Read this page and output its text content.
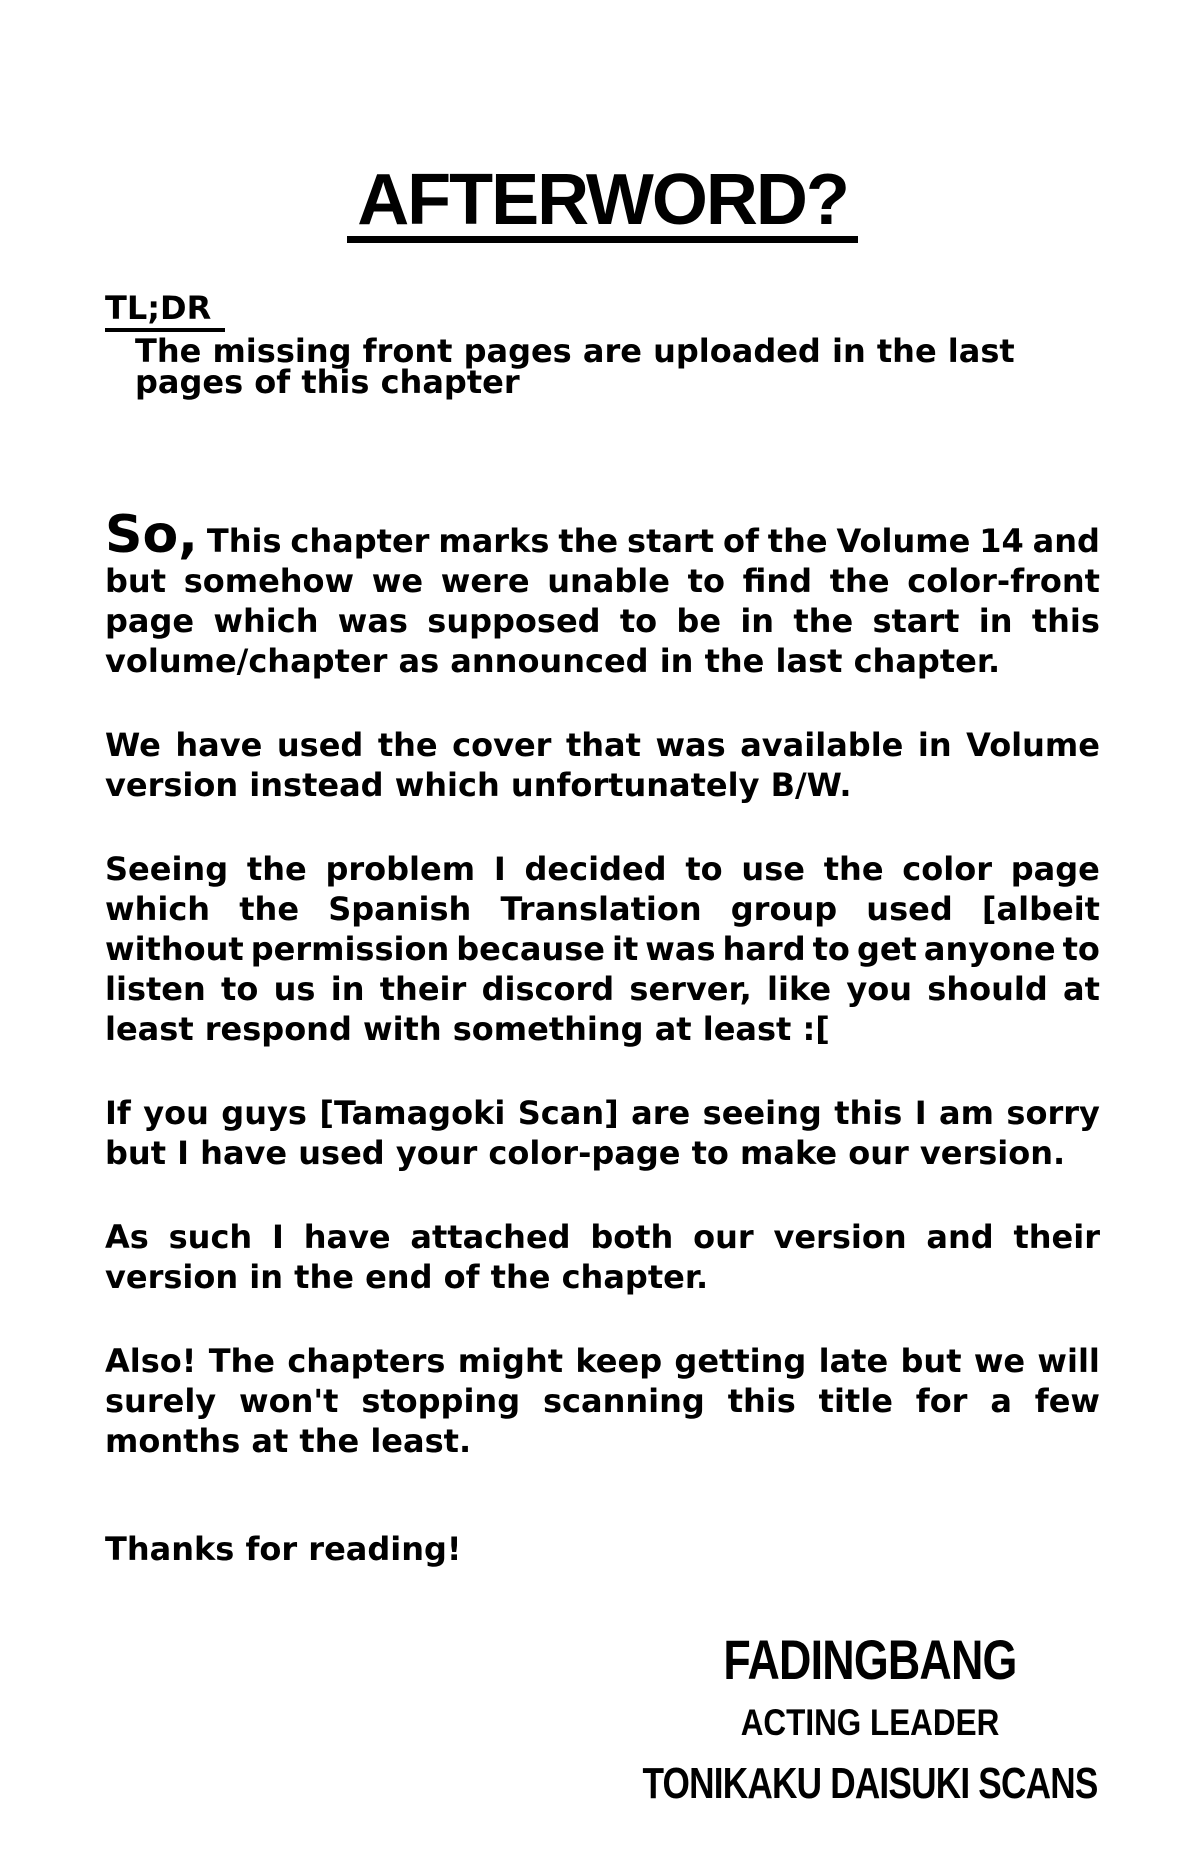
AFTERWORD?
TL;DR
The missing front pages are uploaded in the last
pages of this chapter
So, This chapter marks the start of the Volume 14 and
but somehow we were unable to find the color-front
page which was supposed to be in the start in this
volume/chapter as announced in the last chapter.
We have used the cover that was available in Volume
version instead which unfortunately B/W.
Seeing the problem I decided to use the color page
which the Spanish Translation group used [albeit
without permission because it was hard to get anyone to
listen to us in their discord server, like you should at
least respond with something at least :[
If you guys [Tamagoki Scan] are seeing this I am sorry
but I have used your color-page to make our version.
As such I have attached both our version and their
version in the end of the chapter.
Also! The chapters might keep getting late but we will
surely won't stopping scanning this title for a few
months at the least.
Thanks for reading!
FADINGBANG
ACTING LEADER
TONIKAKU DAISUKI SCANS
